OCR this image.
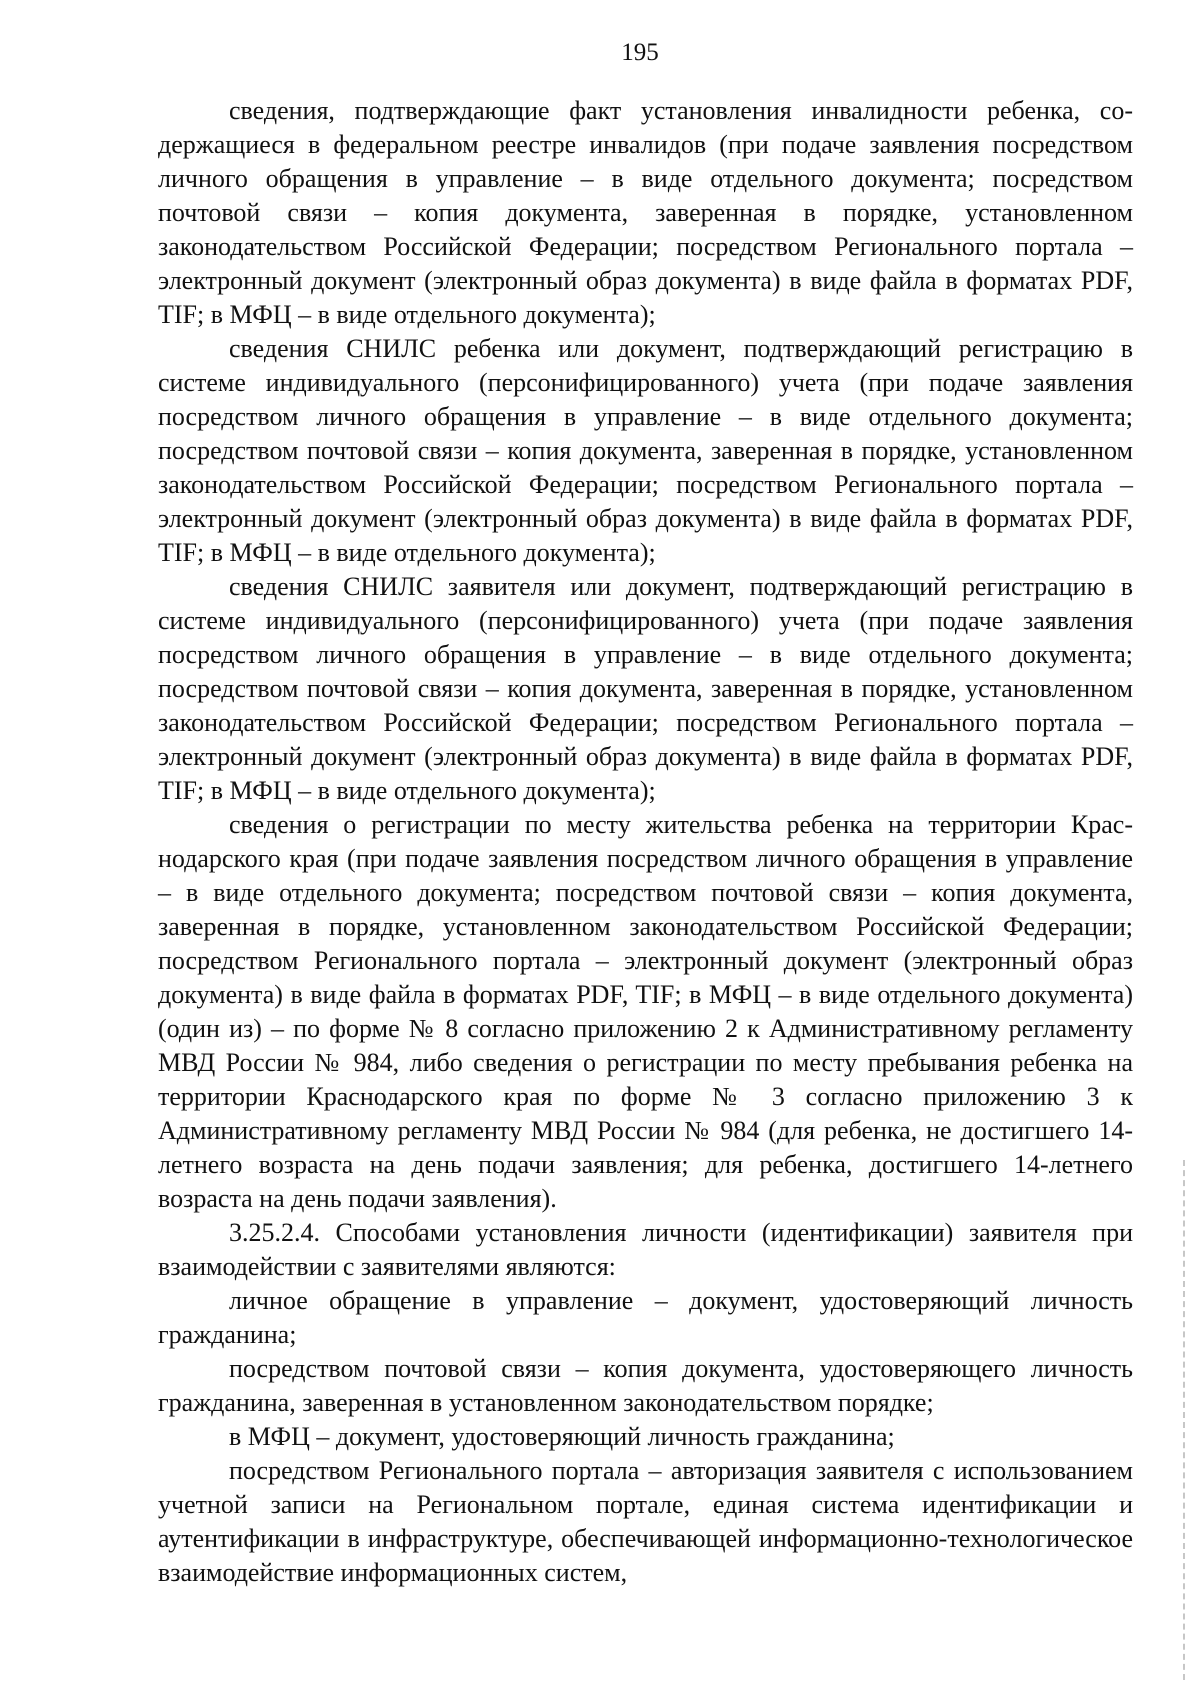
195

сведения, подтверждающие факт установления инвалидности ребенка, содержащиеся в федеральном реестре инвалидов (при подаче заявления посредством личного обращения в управление – в виде отдельного документа; посредством почтовой связи – копия документа, заверенная в порядке, установленном законодательством Российской Федерации; посредством Регионального портала – электронный документ (электронный образ документа) в виде файла в форматах PDF, TIF; в МФЦ – в виде отдельного документа);

сведения СНИЛС ребенка или документ, подтверждающий регистрацию в системе индивидуального (персонифицированного) учета (при подаче заявления посредством личного обращения в управление – в виде отдельного документа; посредством почтовой связи – копия документа, заверенная в порядке, установленном законодательством Российской Федерации; посредством Регионального портала – электронный документ (электронный образ документа) в виде файла в форматах PDF, TIF; в МФЦ – в виде отдельного документа);

сведения СНИЛС заявителя или документ, подтверждающий регистрацию в системе индивидуального (персонифицированного) учета (при подаче заявления посредством личного обращения в управление – в виде отдельного документа; посредством почтовой связи – копия документа, заверенная в порядке, установленном законодательством Российской Федерации; посредством Регионального портала – электронный документ (электронный образ документа) в виде файла в форматах PDF, TIF; в МФЦ – в виде отдельного документа);

сведения о регистрации по месту жительства ребенка на территории Краснодарского края (при подаче заявления посредством личного обращения в управление – в виде отдельного документа; посредством почтовой связи – копия документа, заверенная в порядке, установленном законодательством Российской Федерации; посредством Регионального портала – электронный документ (электронный образ документа) в виде файла в форматах PDF, TIF; в МФЦ – в виде отдельного документа) (один из) – по форме № 8 согласно приложению 2 к Административному регламенту МВД России № 984, либо сведения о регистрации по месту пребывания ребенка на территории Краснодарского края по форме № 3 согласно приложению 3 к Административному регламенту МВД России № 984 (для ребенка, не достигшего 14-летнего возраста на день подачи заявления; для ребенка, достигшего 14-летнего возраста на день подачи заявления).

3.25.2.4. Способами установления личности (идентификации) заявителя при взаимодействии с заявителями являются:

личное обращение в управление – документ, удостоверяющий личность гражданина;

посредством почтовой связи – копия документа, удостоверяющего личность гражданина, заверенная в установленном законодательством порядке;

в МФЦ – документ, удостоверяющий личность гражданина;

посредством Регионального портала – авторизация заявителя с использованием учетной записи на Региональном портале, единая система идентификации и аутентификации в инфраструктуре, обеспечивающей информационно-технологическое взаимодействие информационных систем,
